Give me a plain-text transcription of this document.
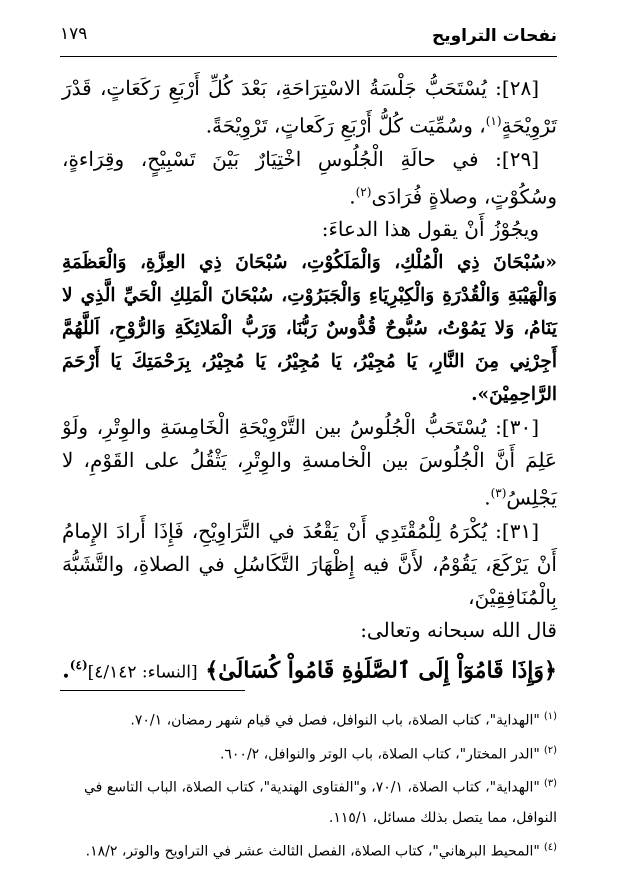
نفحات التراويح
١٧٩

[٢٨]: يُسْتَحَبُّ جَلْسَةُ الاسْتِرَاحَةِ، بَعْدَ كُلِّ أَرْبَعِ رَكَعَاتٍ، قَدْرَ تَرْوِيْحَةٍ$^{(١)}$، وسُمِّيَت كُلُّ أَرْبَعِ رَكَعاتٍ، تَرْوِيْحَةً.

[٢٩]: في حالَةِ الْجُلُوسِ اخْتِيَارٌ بَيْنَ تَسْبِيْحٍ، وقِرَاءةٍ، وسُكُوْتٍ، وصلاةٍ فُرَادَى$^{(٢)}$.

ويجُوْزُ أَنْ يقول هذا الدعاءَ:

«سُبْحَانَ ذِي الْمُلْكِ، وَالْمَلَكُوْتِ، سُبْحَانَ ذِي العِزَّةِ، وَالْعَظَمَةِ وَالْهَيْبَةِ وَالْقُدْرَةِ وَالْكِبْرِيَاءِ وَالْجَبَرُوْتِ، سُبْحَانَ الْمَلِكِ الْحَيِّ الَّذِي لا يَنَامُ، وَلا يَمُوْتُ، سُبُّوحٌ قُدُّوسٌ رَبُّنَا، وَرَبُّ الْمَلائِكَةِ وَالرُّوْحِ، اَللَّهُمَّ أَجِرْنِي مِنَ النَّارِ، يَا مُجِيْرُ، يَا مُجِيْرُ، يَا مُجِيْرُ، بِرَحْمَتِكَ يَا أَرْحَمَ الرَّاحِمِيْنَ».

[٣٠]: يُسْتَحَبُّ الْجُلُوسُ بين التَّرْوِيْحَةِ الْخَامِسَةِ والوِتْرِ، ولَوْ عَلِمَ أَنَّ الْجُلُوسَ بين الْخامسةِ والوِتْرِ، يَثْقُلُ على القَوْمِ، لا يَجْلِسُ$^{(٣)}$.

[٣١]: يُكْرَهُ لِلْمُقْتَدِي أَنْ يَقْعُدَ في التَّرَاوِيْحِ، فَإِذَا أَرادَ الإِمامُ أَنْ يَرْكَعَ، يَقُوْمُ، لأَنَّ فيه إِظْهَارَ التَّكَاسُلِ في الصلاةِ، والتَّشَبُّهَ بِالْمُنَافِقِيْنَ،

قال الله سبحانه وتعالى:

﴿وَإِذَا قَامُوٓاْ إِلَى ٱلصَّلَوٰةِ قَامُواْ كُسَالَىٰ﴾ [النساء: ٤/١٤٢]$^{(٤)}$.

$^{(١)}$"الهداية"، كتاب الصلاة، باب النوافل، فصل في قيام شهر رمضان، ٧٠/١.

$^{(٢)}$"الدر المختار"، كتاب الصلاة، باب الوتر والنوافل، ٦٠٠/٢.

$^{(٣)}$"الهداية"، كتاب الصلاة، ٧٠/١، و"الفتاوى الهندية"، كتاب الصلاة، الباب التاسع في النوافل، مما يتصل بذلك مسائل، ١١٥/١.

$^{(٤)}$"المحيط البرهاني"، كتاب الصلاة، الفصل الثالث عشر في التراويح والوتر، ١٨/٢.
